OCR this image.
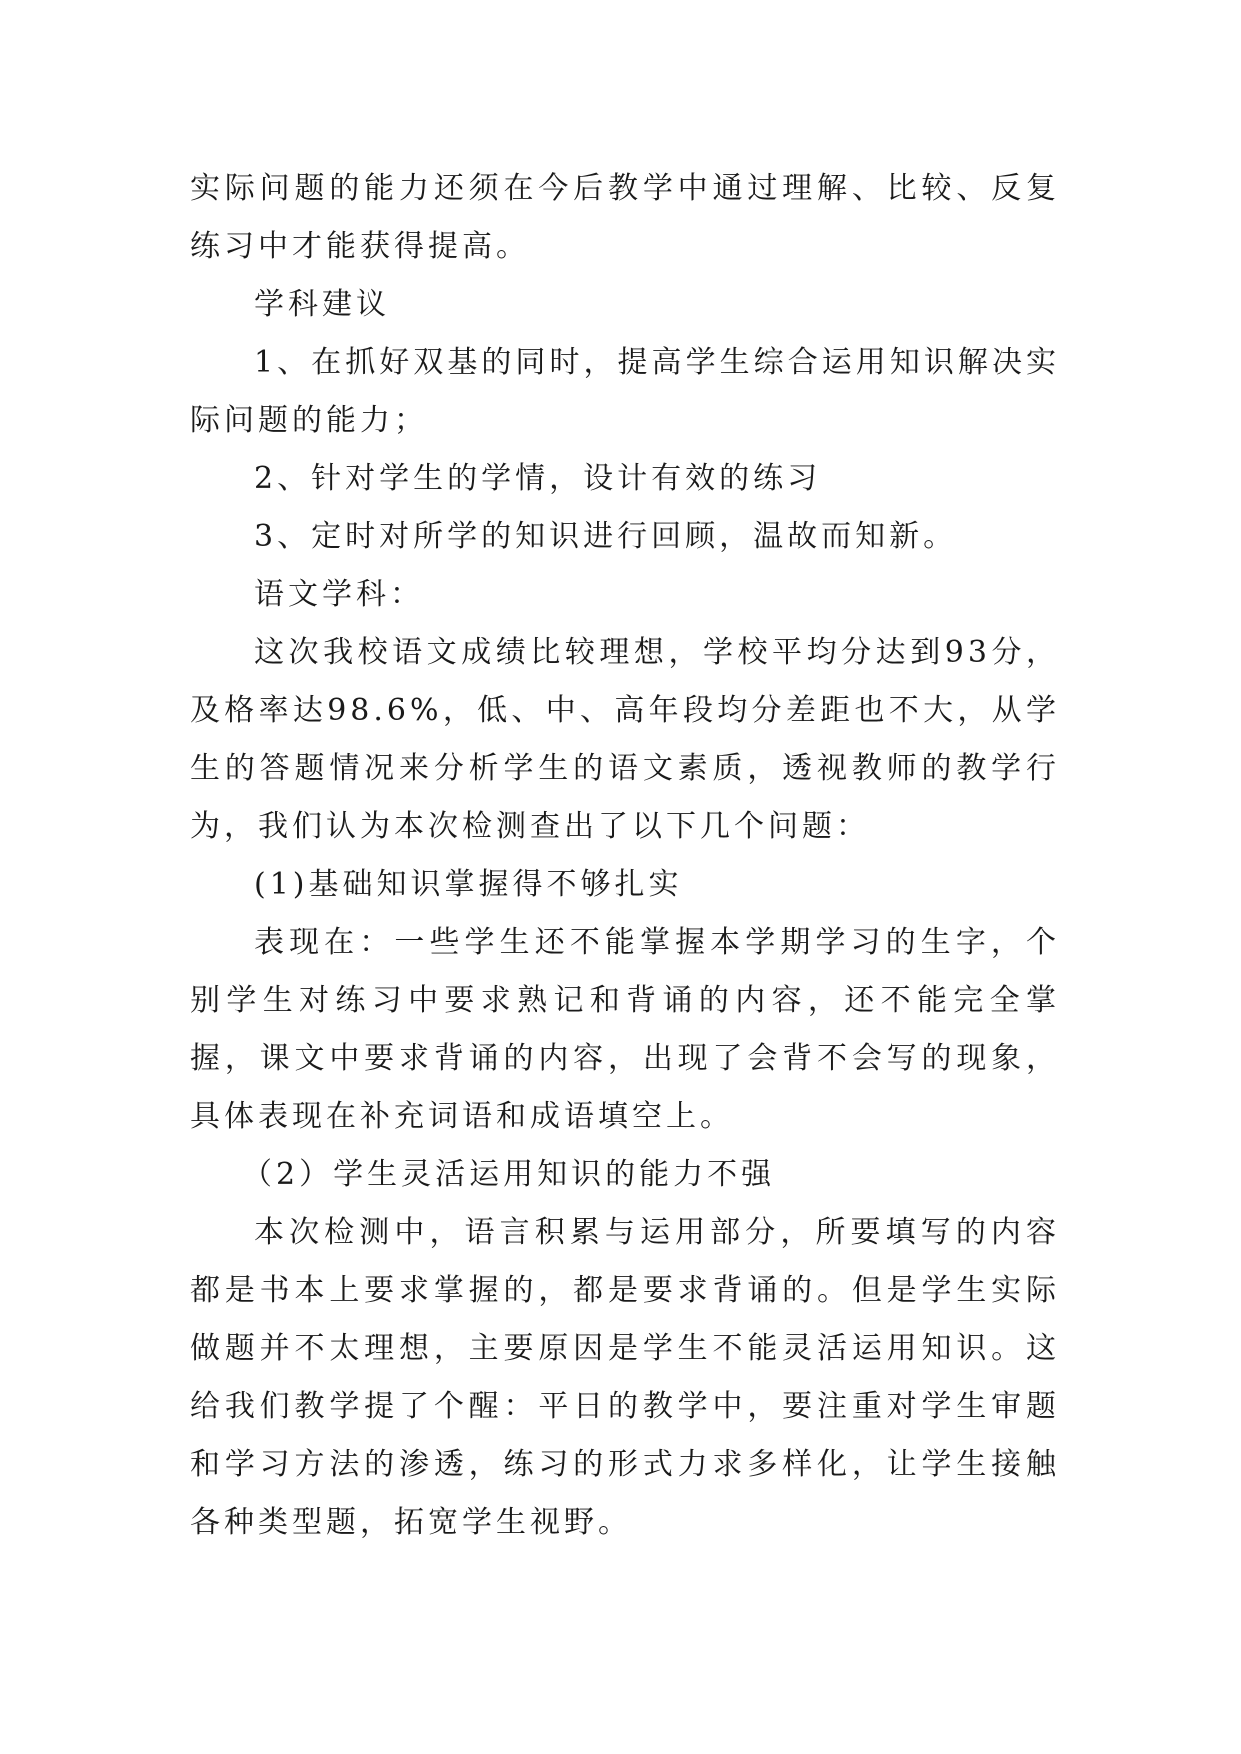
实际问题的能力还须在今后教学中通过理解、比较、反复练习中才能获得提高。

学科建议

1、在抓好双基的同时，提高学生综合运用知识解决实际问题的能力；

2、针对学生的学情，设计有效的练习

3、定时对所学的知识进行回顾，温故而知新。

语文学科：

这次我校语文成绩比较理想，学校平均分达到93分，及格率达98.6%，低、中、高年段均分差距也不大，从学生的答题情况来分析学生的语文素质，透视教师的教学行为，我们认为本次检测查出了以下几个问题：

(1)基础知识掌握得不够扎实

表现在：一些学生还不能掌握本学期学习的生字，个别学生对练习中要求熟记和背诵的内容，还不能完全掌握，课文中要求背诵的内容，出现了会背不会写的现象，具体表现在补充词语和成语填空上。

（2）学生灵活运用知识的能力不强

本次检测中，语言积累与运用部分，所要填写的内容都是书本上要求掌握的，都是要求背诵的。但是学生实际做题并不太理想，主要原因是学生不能灵活运用知识。这给我们教学提了个醒：平日的教学中，要注重对学生审题和学习方法的渗透，练习的形式力求多样化，让学生接触各种类型题，拓宽学生视野。
